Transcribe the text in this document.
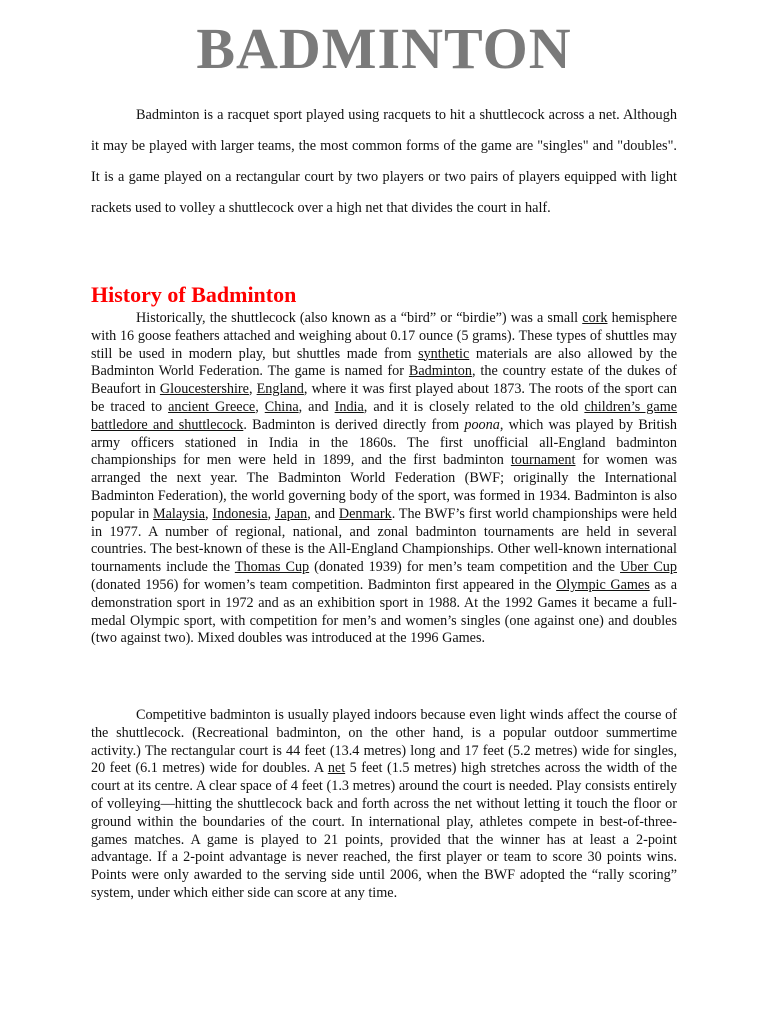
BADMINTON

Badminton is a racquet sport played using racquets to hit a shuttlecock across a net. Although it may be played with larger teams, the most common forms of the game are "singles" and "doubles". It is a game played on a rectangular court by two players or two pairs of players equipped with light rackets used to volley a shuttlecock over a high net that divides the court in half.

History of Badminton

Historically, the shuttlecock (also known as a “bird” or “birdie”) was a small cork hemisphere with 16 goose feathers attached and weighing about 0.17 ounce (5 grams). These types of shuttles may still be used in modern play, but shuttles made from synthetic materials are also allowed by the Badminton World Federation. The game is named for Badminton, the country estate of the dukes of Beaufort in Gloucestershire, England, where it was first played about 1873. The roots of the sport can be traced to ancient Greece, China, and India, and it is closely related to the old children’s game battledore and shuttlecock. Badminton is derived directly from poona, which was played by British army officers stationed in India in the 1860s. The first unofficial all-England badminton championships for men were held in 1899, and the first badminton tournament for women was arranged the next year. The Badminton World Federation (BWF; originally the International Badminton Federation), the world governing body of the sport, was formed in 1934. Badminton is also popular in Malaysia, Indonesia, Japan, and Denmark. The BWF’s first world championships were held in 1977. A number of regional, national, and zonal badminton tournaments are held in several countries. The best-known of these is the All-England Championships. Other well-known international tournaments include the Thomas Cup (donated 1939) for men’s team competition and the Uber Cup (donated 1956) for women’s team competition. Badminton first appeared in the Olympic Games as a demonstration sport in 1972 and as an exhibition sport in 1988. At the 1992 Games it became a full-medal Olympic sport, with competition for men’s and women’s singles (one against one) and doubles (two against two). Mixed doubles was introduced at the 1996 Games.

Competitive badminton is usually played indoors because even light winds affect the course of the shuttlecock. (Recreational badminton, on the other hand, is a popular outdoor summertime activity.) The rectangular court is 44 feet (13.4 metres) long and 17 feet (5.2 metres) wide for singles, 20 feet (6.1 metres) wide for doubles. A net 5 feet (1.5 metres) high stretches across the width of the court at its centre. A clear space of 4 feet (1.3 metres) around the court is needed. Play consists entirely of volleying—hitting the shuttlecock back and forth across the net without letting it touch the floor or ground within the boundaries of the court. In international play, athletes compete in best-of-three-games matches. A game is played to 21 points, provided that the winner has at least a 2-point advantage. If a 2-point advantage is never reached, the first player or team to score 30 points wins. Points were only awarded to the serving side until 2006, when the BWF adopted the “rally scoring” system, under which either side can score at any time.
